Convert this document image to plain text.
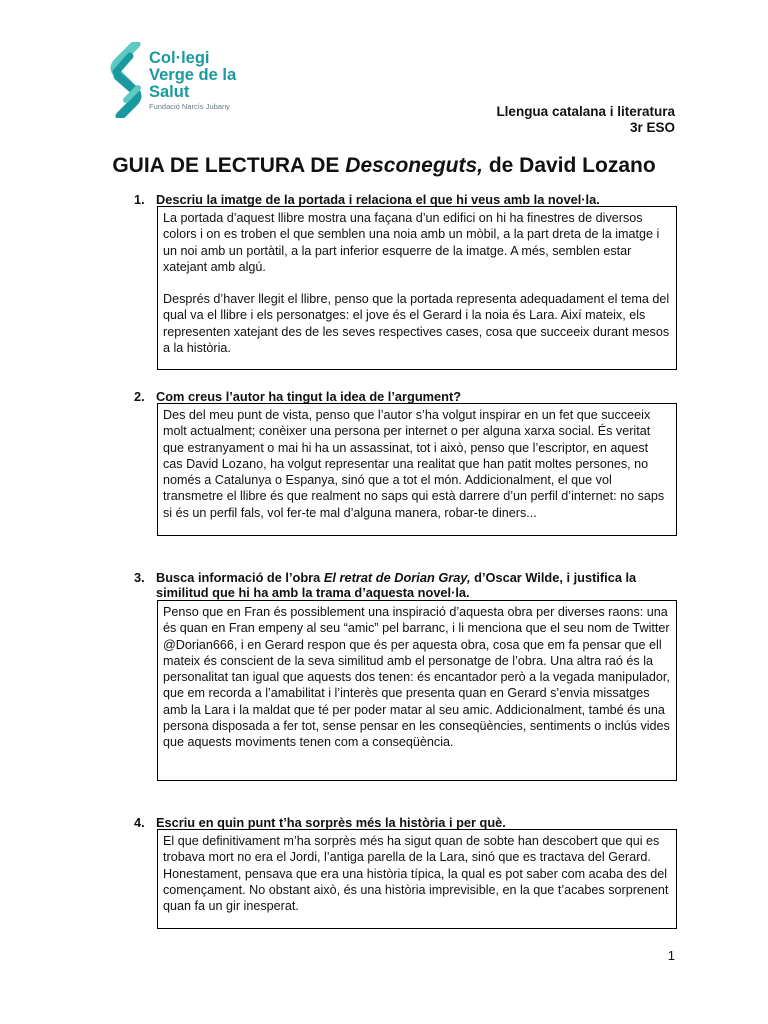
Col·legi
Verge de la
Salut
Fundació Narcís Jubany	Llengua catalana i literatura
3r ESO
GUIA DE LECTURA DE Desconeguts, de David Lozano
1. Descriu la imatge de la portada i relaciona el que hi veus amb la novel·la.

La portada d’aquest llibre mostra una façana d’un edifici on hi ha finestres de diversos colors i on es troben el que semblen una noia amb un mòbil, a la part dreta de la imatge i un noi amb un portàtil, a la part inferior esquerre de la imatge. A més, semblen estar xatejant amb algú.

Després d’haver llegit el llibre, penso que la portada representa adequadament el tema del qual va el llibre i els personatges: el jove és el Gerard i la noia és Lara. Així mateix, els representen xatejant des de les seves respectives cases, cosa que succeeix durant mesos a la història.

2. Com creus l’autor ha tingut la idea de l’argument?

Des del meu punt de vista, penso que l’autor s’ha volgut inspirar en un fet que succeeix molt actualment; conèixer una persona per internet o per alguna xarxa social. És veritat que estranyament o mai hi ha un assassinat, tot i això, penso que l’escriptor, en aquest cas David Lozano, ha volgut representar una realitat que han patit moltes persones, no només a Catalunya o Espanya, sinó que a tot el món. Addicionalment, el que vol transmetre el llibre és que realment no saps qui està darrere d’un perfil d’internet: no saps si és un perfil fals, vol fer-te mal d’alguna manera, robar-te diners...

3. Busca informació de l’obra El retrat de Dorian Gray, d’Oscar Wilde, i justifica la similitud que hi ha amb la trama d’aquesta novel·la.

Penso que en Fran és possiblement una inspiració d’aquesta obra per diverses raons: una és quan en Fran empeny al seu “amic” pel barranc, i li menciona que el seu nom de Twitter @Dorian666, i en Gerard respon que és per aquesta obra, cosa que em fa pensar que ell mateix és conscient de la seva similitud amb el personatge de l’obra. Una altra raó és la personalitat tan igual que aquests dos tenen: és encantador però a la vegada manipulador, que em recorda a l’amabilitat i l’interès que presenta quan en Gerard s’envia missatges amb la Lara i la maldat que té per poder matar al seu amic. Addicionalment, també és una persona disposada a fer tot, sense pensar en les conseqüències, sentiments o inclús vides que aquests moviments tenen com a conseqüència.

4. Escriu en quin punt t’ha sorprès més la història i per què.

El que definitivament m’ha sorprès més ha sigut quan de sobte han descobert que qui es trobava mort no era el Jordi, l’antiga parella de la Lara, sinó que es tractava del Gerard. Honestament, pensava que era una història típica, la qual es pot saber com acaba des del començament. No obstant això, és una història imprevisible, en la que t’acabes sorprenent quan fa un gir inesperat.

1
